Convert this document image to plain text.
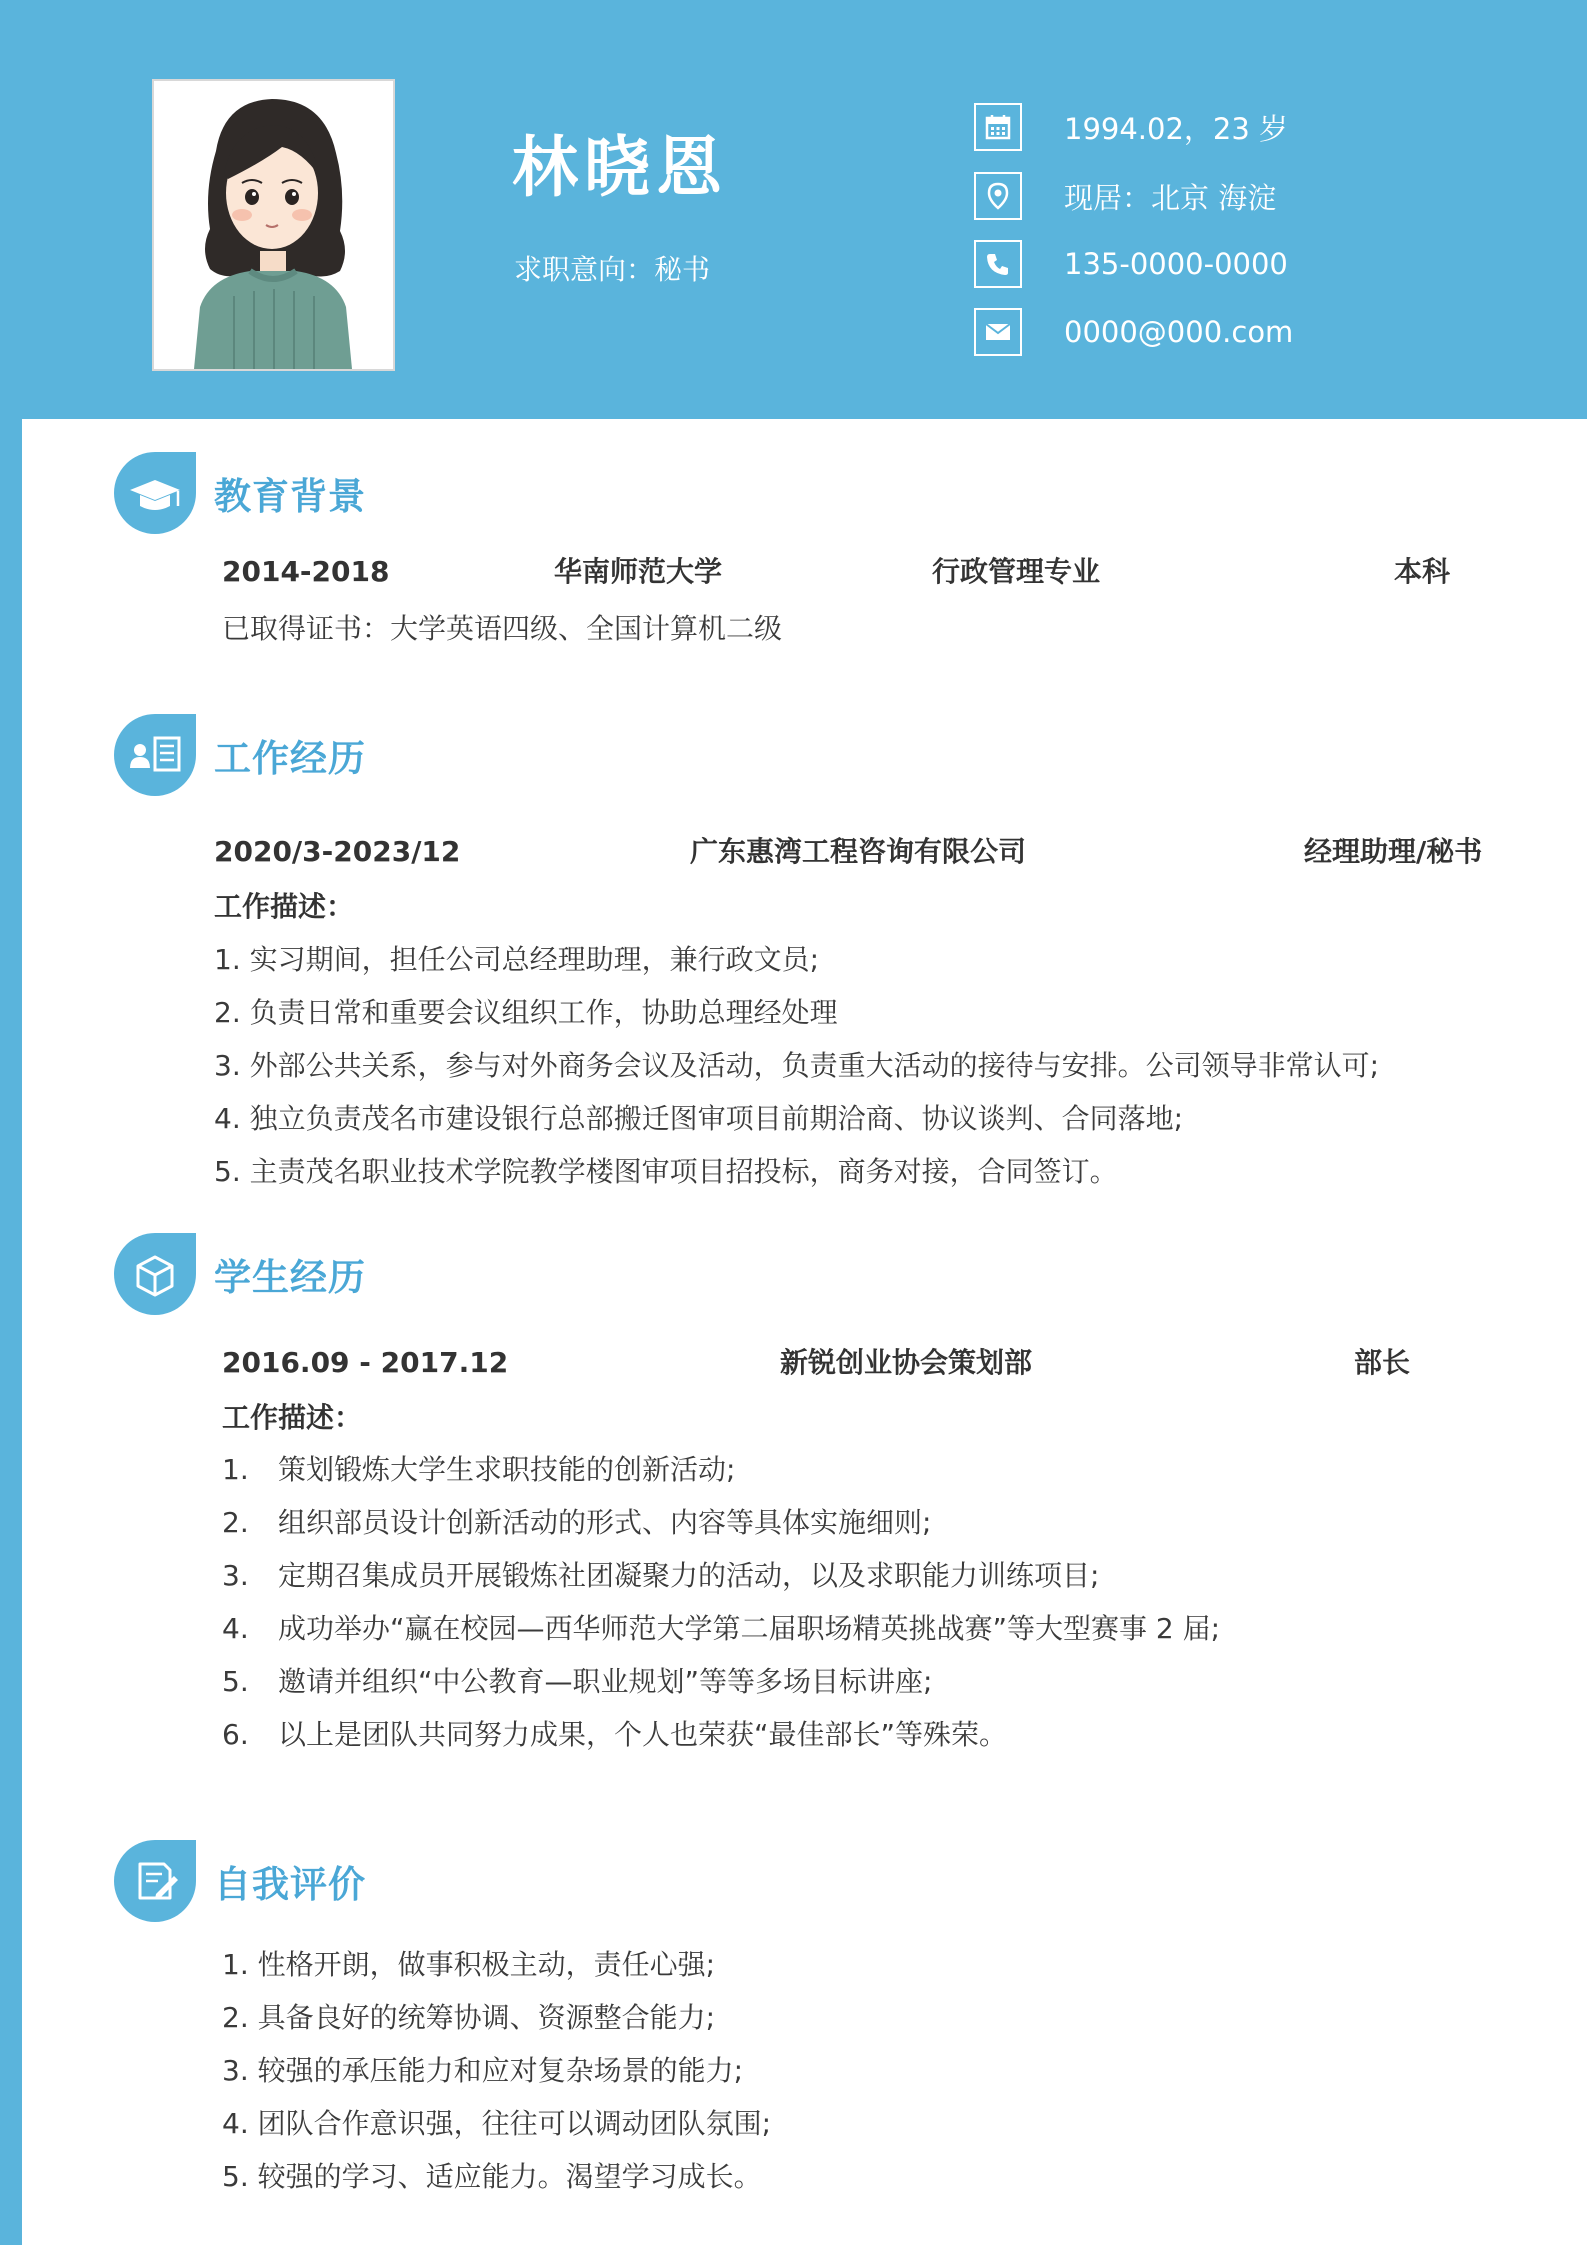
林晓恩
求职意向：秘书
1994.02，23 岁
现居：北京 海淀
135-0000-0000
0000@000.com
教育背景
2014-2018	华南师范大学	行政管理专业	本科
已取得证书：大学英语四级、全国计算机二级
工作经历
2020/3-2023/12	广东惠湾工程咨询有限公司	经理助理/秘书
工作描述：
1. 实习期间，担任公司总经理助理，兼行政文员;
2. 负责日常和重要会议组织工作，协助总理经处理
3. 外部公共关系，参与对外商务会议及活动，负责重大活动的接待与安排。公司领导非常认可;
4. 独立负责茂名市建设银行总部搬迁图审项目前期洽商、协议谈判、合同落地;
5. 主责茂名职业技术学院教学楼图审项目招投标，商务对接，合同签订。
学生经历
2016.09 - 2017.12	新锐创业协会策划部	部长
工作描述：
1. 策划锻炼大学生求职技能的创新活动;
2. 组织部员设计创新活动的形式、内容等具体实施细则;
3. 定期召集成员开展锻炼社团凝聚力的活动，以及求职能力训练项目;
4. 成功举办“赢在校园—西华师范大学第二届职场精英挑战赛”等大型赛事 2 届;
5. 邀请并组织“中公教育—职业规划”等等多场目标讲座;
6. 以上是团队共同努力成果，个人也荣获“最佳部长”等殊荣。
自我评价
1. 性格开朗，做事积极主动，责任心强;
2. 具备良好的统筹协调、资源整合能力;
3. 较强的承压能力和应对复杂场景的能力;
4. 团队合作意识强，往往可以调动团队氛围;
5. 较强的学习、适应能力。渴望学习成长。
